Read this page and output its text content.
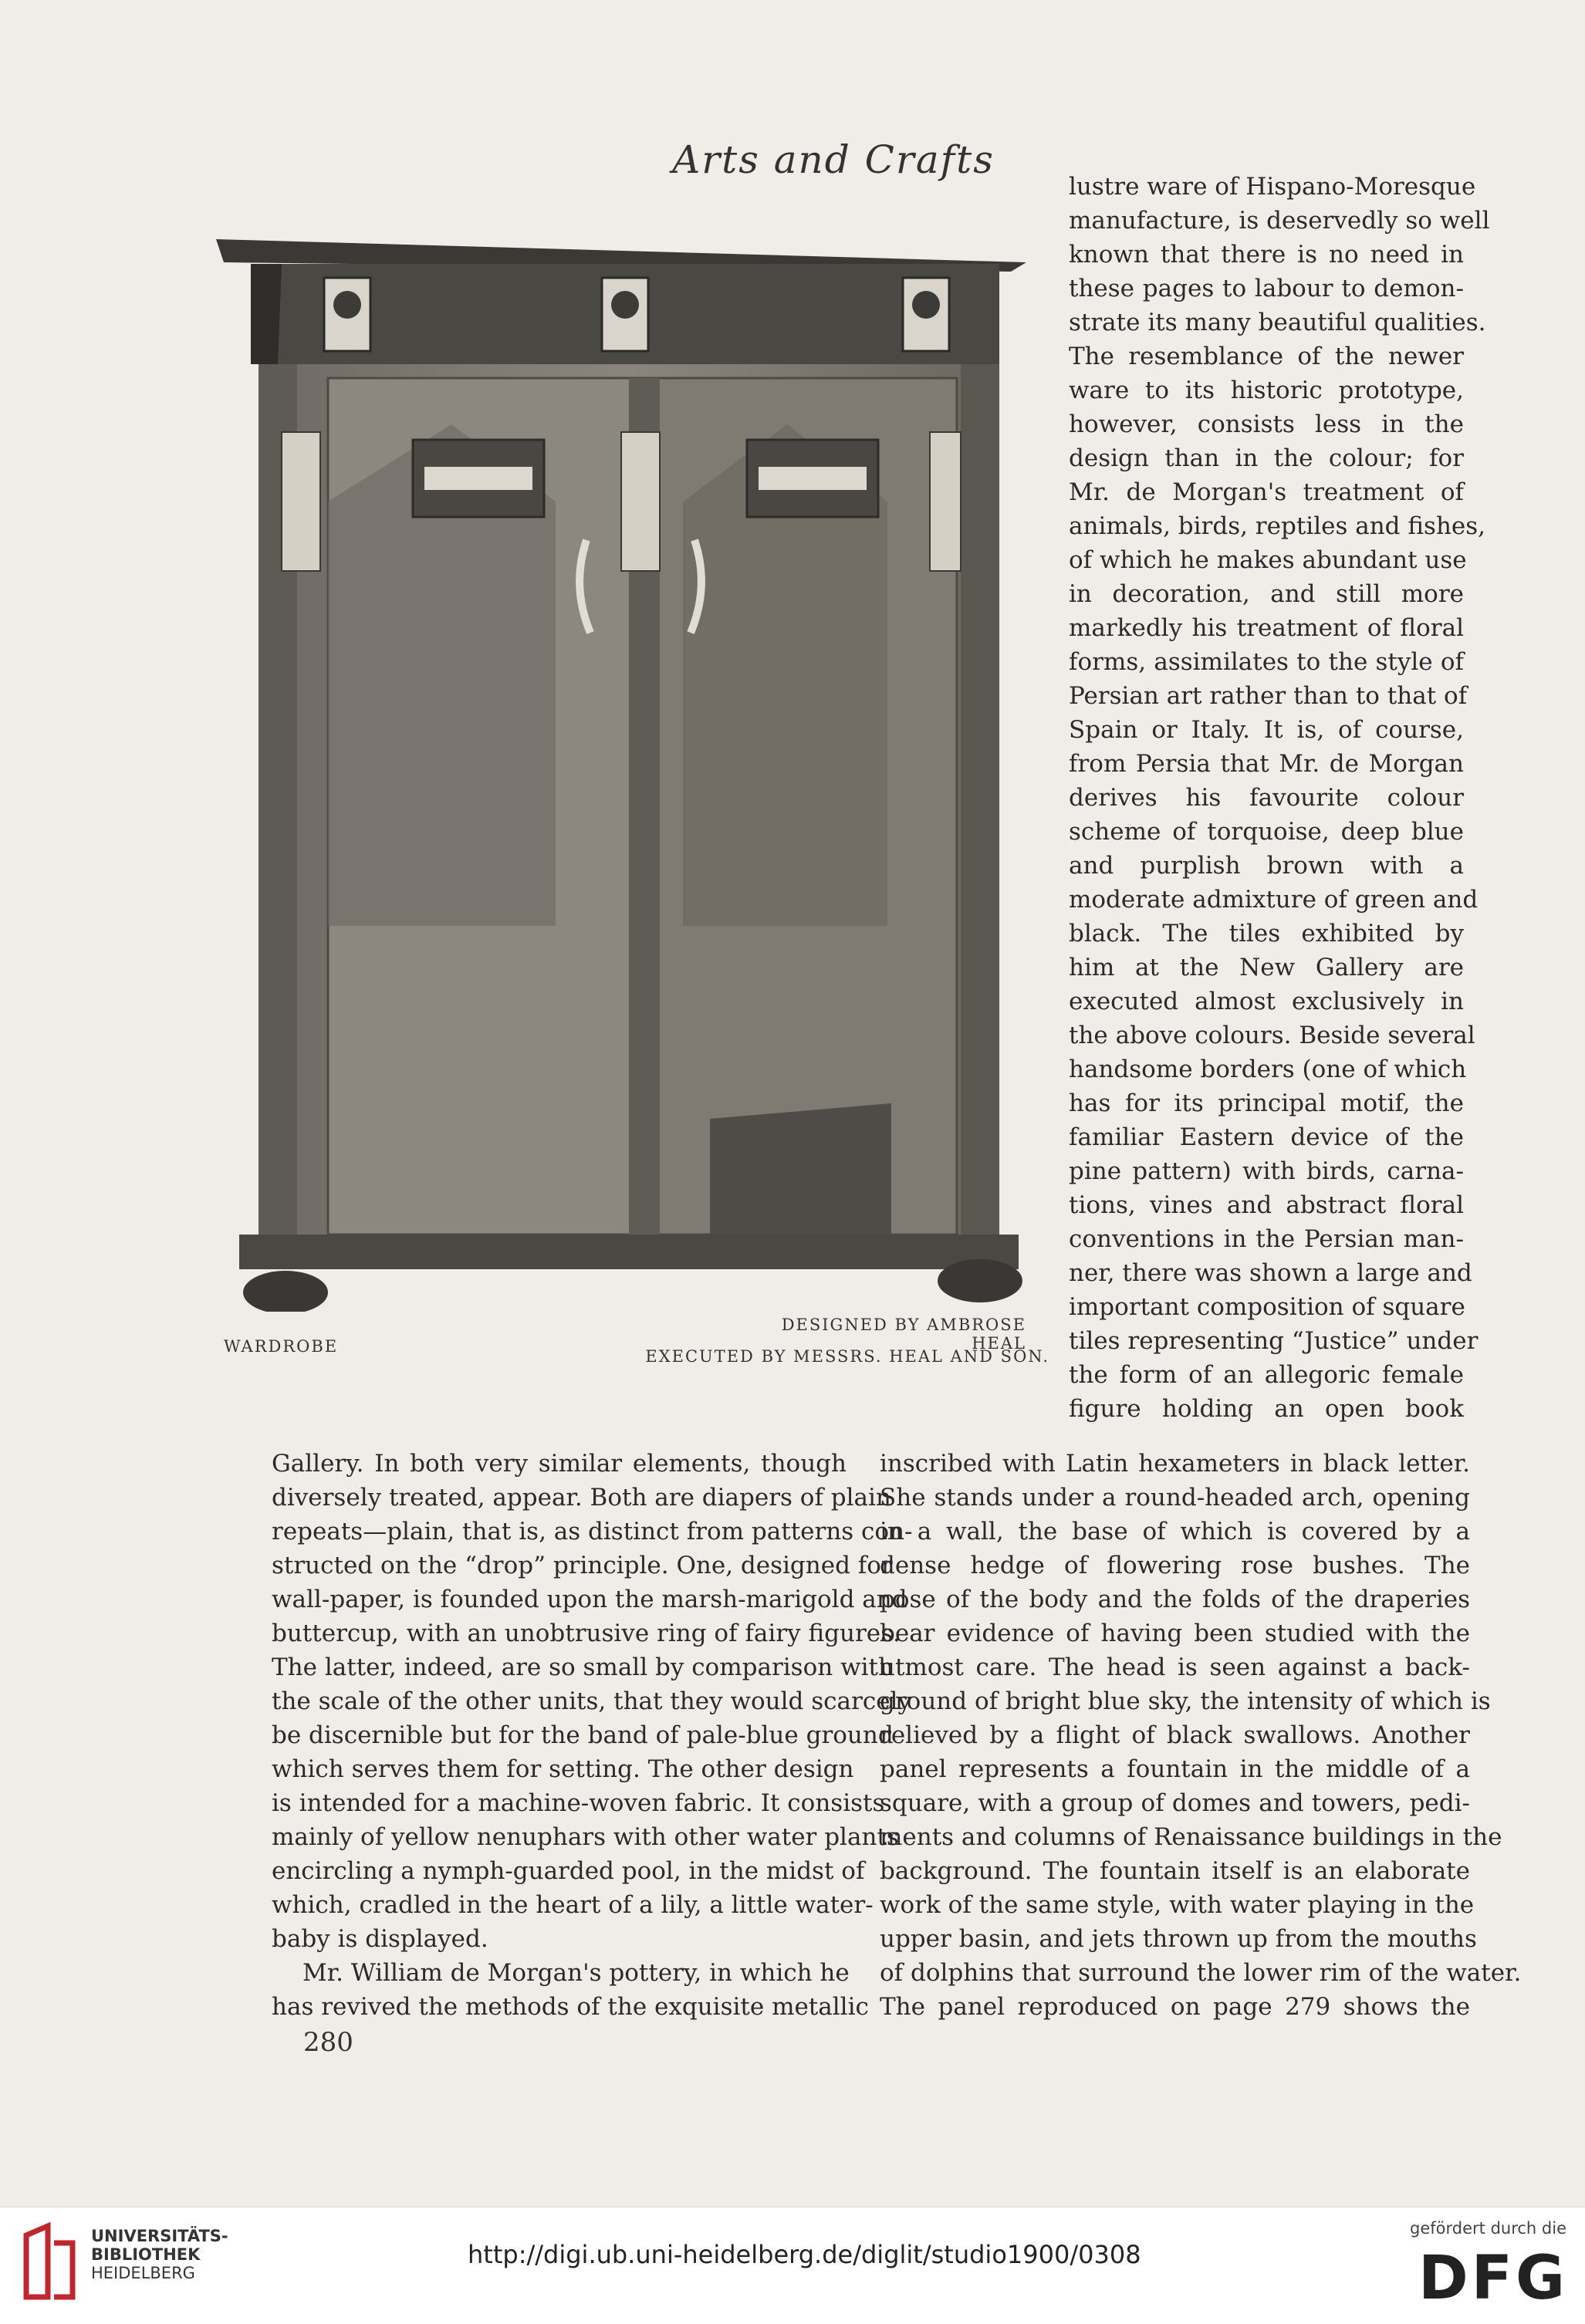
Arts and Crafts
WARDROBE
DESIGNED BY AMBROSE HEAL
EXECUTED BY MESSRS. HEAL AND SON.
lustre ware of Hispano-Moresque
manufacture, is deservedly so well
known that there is no need in
these pages to labour to demon-
strate its many beautiful qualities.
The resemblance of the newer
ware to its historic prototype,
however, consists less in the
design than in the colour; for
Mr. de Morgan's treatment of
animals, birds, reptiles and fishes,
of which he makes abundant use
in decoration, and still more
markedly his treatment of floral
forms, assimilates to the style of
Persian art rather than to that of
Spain or Italy. It is, of course,
from Persia that Mr. de Morgan
derives his favourite colour
scheme of torquoise, deep blue
and purplish brown with a
moderate admixture of green and
black. The tiles exhibited by
him at the New Gallery are
executed almost exclusively in
the above colours. Beside several
handsome borders (one of which
has for its principal motif, the
familiar Eastern device of the
pine pattern) with birds, carna-
tions, vines and abstract floral
conventions in the Persian man-
ner, there was shown a large and
important composition of square
tiles representing “Justice” under
the form of an allegoric female
figure holding an open book
Gallery. In both very similar elements, though
diversely treated, appear. Both are diapers of plain
repeats—plain, that is, as distinct from patterns con-
structed on the “drop” principle. One, designed for
wall-paper, is founded upon the marsh-marigold and
buttercup, with an unobtrusive ring of fairy figures.
The latter, indeed, are so small by comparison with
the scale of the other units, that they would scarcely
be discernible but for the band of pale-blue ground
which serves them for setting. The other design
is intended for a machine-woven fabric. It consists
mainly of yellow nenuphars with other water plants
encircling a nymph-guarded pool, in the midst of
which, cradled in the heart of a lily, a little water-
baby is displayed.
Mr. William de Morgan's pottery, in which he
has revived the methods of the exquisite metallic
inscribed with Latin hexameters in black letter.
She stands under a round-headed arch, opening
in a wall, the base of which is covered by a
dense hedge of flowering rose bushes. The
pose of the body and the folds of the draperies
bear evidence of having been studied with the
utmost care. The head is seen against a back-
ground of bright blue sky, the intensity of which is
relieved by a flight of black swallows. Another
panel represents a fountain in the middle of a
square, with a group of domes and towers, pedi-
ments and columns of Renaissance buildings in the
background. The fountain itself is an elaborate
work of the same style, with water playing in the
upper basin, and jets thrown up from the mouths
of dolphins that surround the lower rim of the water.
The panel reproduced on page 279 shows the
280
UNIVERSITÄTS-
BIBLIOTHEK
HEIDELBERG
http://digi.ub.uni-heidelberg.de/diglit/studio1900/0308
gefördert durch die
DFG
